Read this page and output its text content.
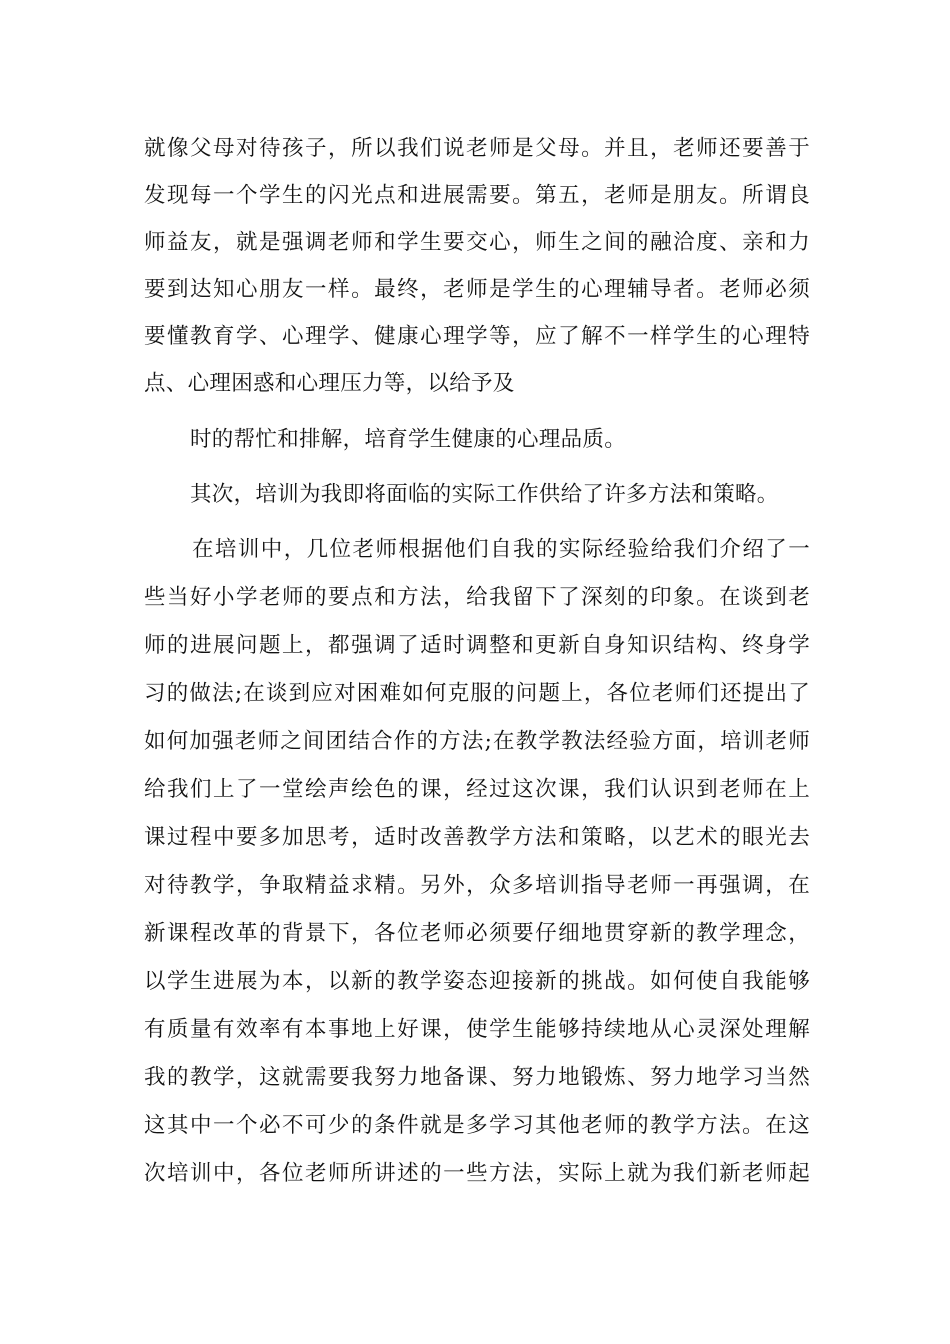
就像父母对待孩子，所以我们说老师是父母。并且，老师还要善于
发现每一个学生的闪光点和进展需要。第五，老师是朋友。所谓良
师益友，就是强调老师和学生要交心，师生之间的融洽度、亲和力
要到达知心朋友一样。最终，老师是学生的心理辅导者。老师必须
要懂教育学、心理学、健康心理学等，应了解不一样学生的心理特
点、心理困惑和心理压力等，以给予及
时的帮忙和排解，培育学生健康的心理品质。
其次，培训为我即将面临的实际工作供给了许多方法和策略。
在培训中，几位老师根据他们自我的实际经验给我们介绍了一
些当好小学老师的要点和方法，给我留下了深刻的印象。在谈到老
师的进展问题上，都强调了适时调整和更新自身知识结构、终身学
习的做法;在谈到应对困难如何克服的问题上，各位老师们还提出了
如何加强老师之间团结合作的方法;在教学教法经验方面，培训老师
给我们上了一堂绘声绘色的课，经过这次课，我们认识到老师在上
课过程中要多加思考，适时改善教学方法和策略，以艺术的眼光去
对待教学，争取精益求精。另外，众多培训指导老师一再强调，在
新课程改革的背景下，各位老师必须要仔细地贯穿新的教学理念，
以学生进展为本，以新的教学姿态迎接新的挑战。如何使自我能够
有质量有效率有本事地上好课，使学生能够持续地从心灵深处理解
我的教学，这就需要我努力地备课、努力地锻炼、努力地学习当然
这其中一个必不可少的条件就是多学习其他老师的教学方法。在这
次培训中，各位老师所讲述的一些方法，实际上就为我们新老师起
